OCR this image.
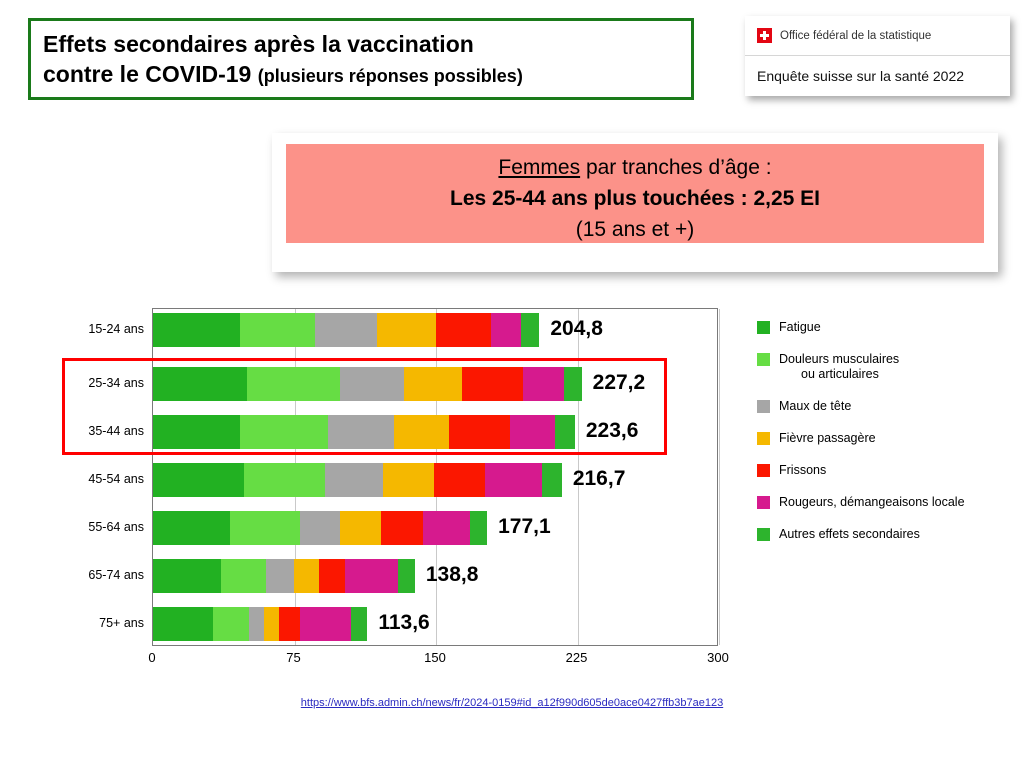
Effets secondaires après la vaccination
contre le COVID-19 (plusieurs réponses possibles)
Office fédéral de la statistique
Enquête suisse sur la santé 2022
Femmes par tranches d’âge :
Les 25-44 ans plus touchées : 2,25 EI
(15 ans et +)
0	75	150	225	300
15-24 ans	204,8
25-34 ans	227,2
35-44 ans	223,6
45-54 ans	216,7
55-64 ans	177,1
65-74 ans	138,8
75+ ans	113,6
Fatigue
Douleurs musculaires
ou articulaires
Maux de tête
Fièvre passagère
Frissons
Rougeurs, démangeaisons locale
Autres effets secondaires
https://www.bfs.admin.ch/news/fr/2024-0159#id_a12f990d605de0ace0427ffb3b7ae123
